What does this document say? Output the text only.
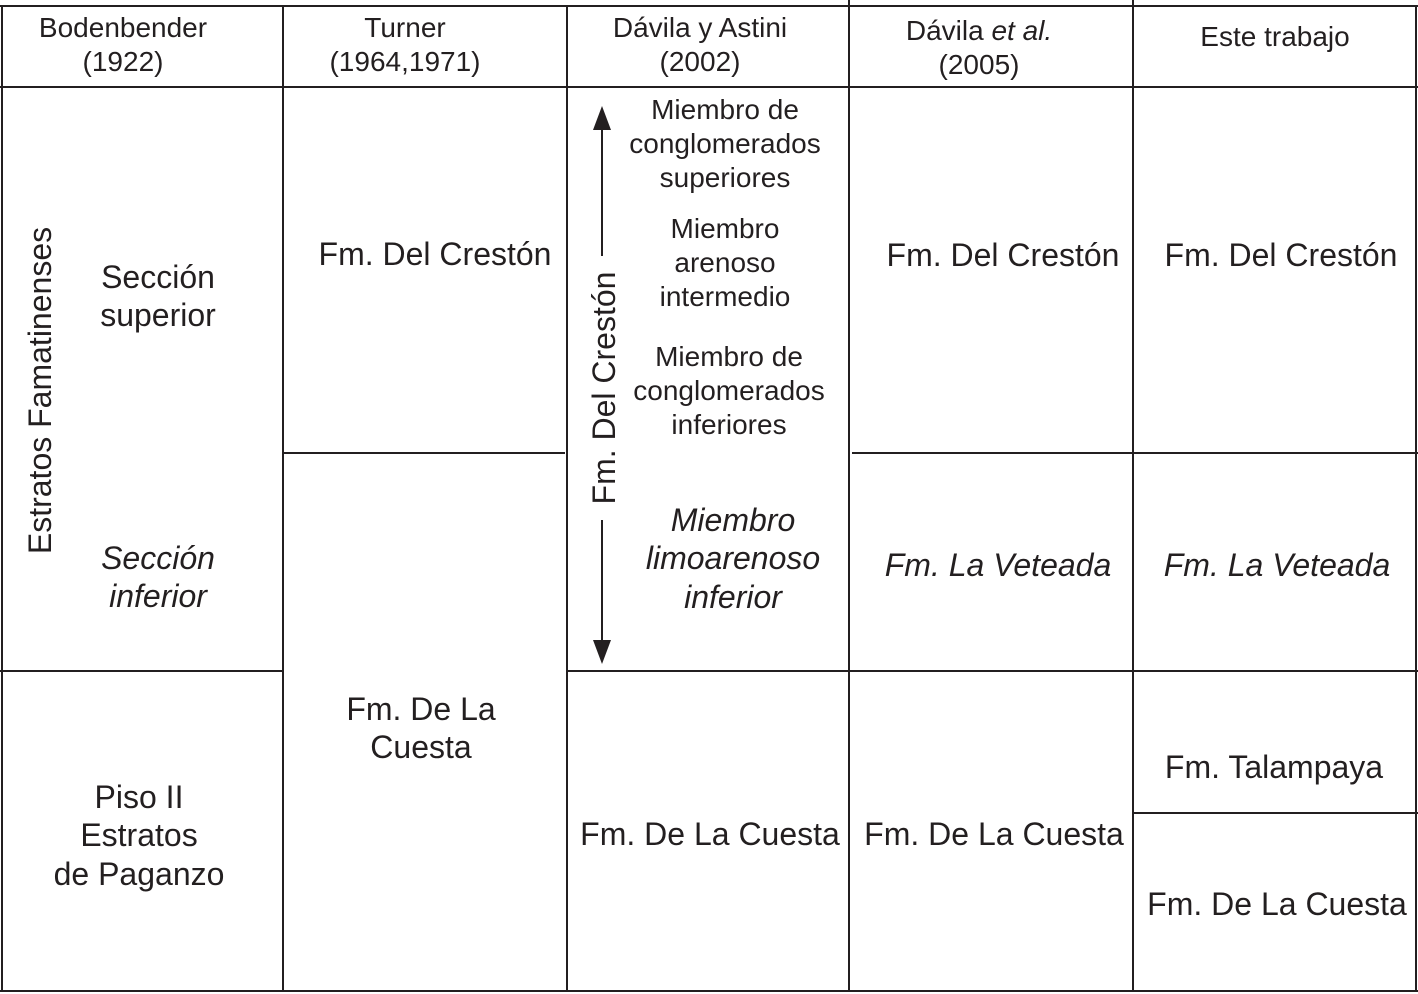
Bodenbender
(1922)
Turner
(1964,1971)
Dávila y Astini
(2002)
Dávila et al.
(2005)
Este trabajo
Estratos Famatinenses	Sección
superior
Sección
inferior
Piso II
Estratos
de Paganzo
Fm. Del Crestón
Fm. De La
Cuesta
Fm. Del Crestón
Miembro de
conglomerados
superiores
Miembro
arenoso
intermedio
Miembro de
conglomerados
inferiores
Miembro
limoarenoso
inferior
Fm. De La Cuesta
Fm. Del Crestón
Fm. La Veteada
Fm. De La Cuesta
Fm. Del Crestón
Fm. La Veteada
Fm. Talampaya
Fm. De La Cuesta
